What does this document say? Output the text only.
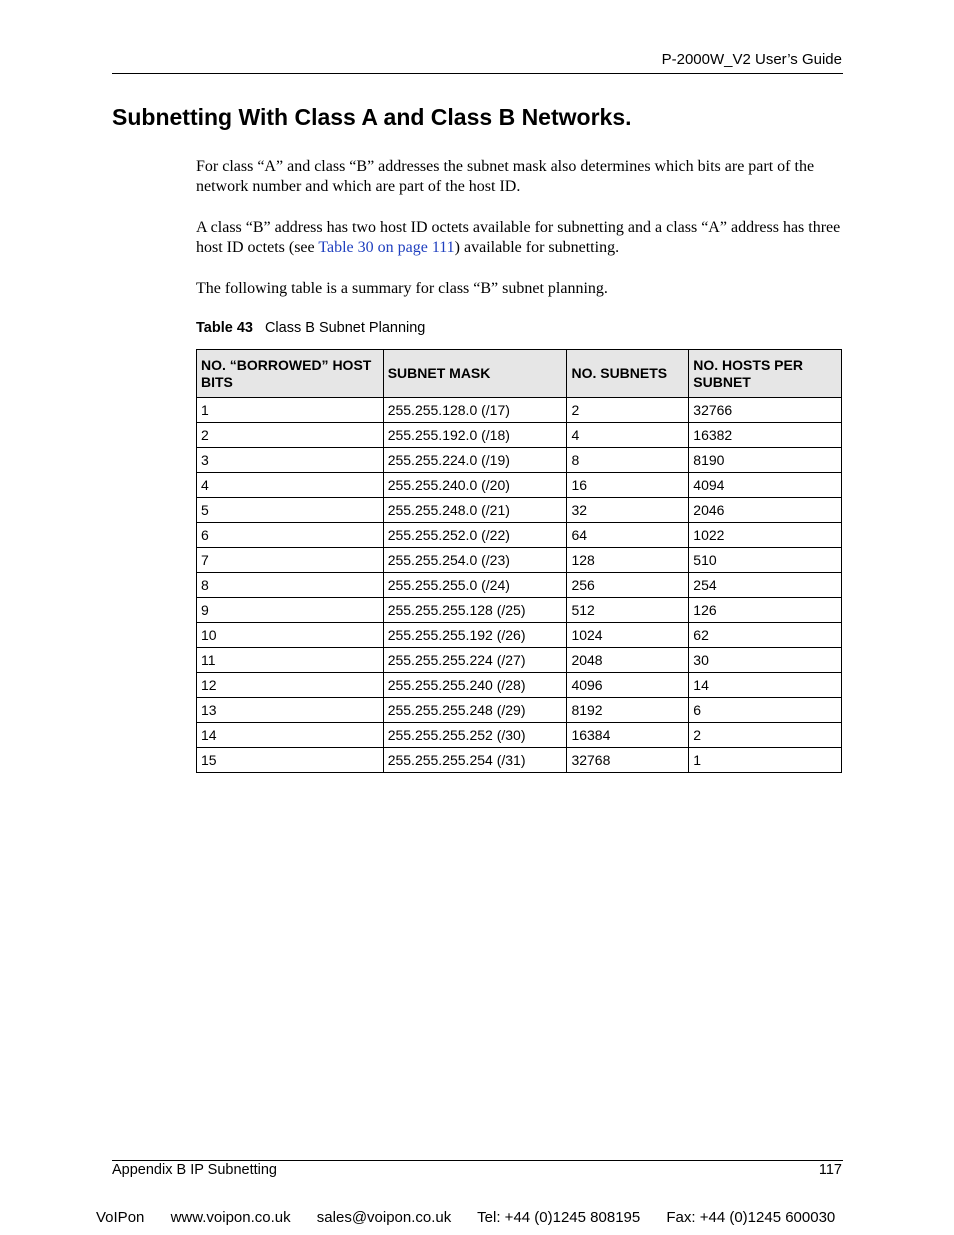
P-2000W_V2 User’s Guide
Subnetting With Class A and Class B Networks.

For class “A” and class “B” addresses the subnet mask also determines which bits are part of the network number and which are part of the host ID.

A class “B” address has two host ID octets available for subnetting and a class “A” address has three host ID octets (see Table 30 on page 111) available for subnetting.

The following table is a summary for class “B” subnet planning.

Table 43 Class B Subnet Planning
NO. “BORROWED” HOST BITS	SUBNET MASK	NO. SUBNETS	NO. HOSTS PER SUBNET
1	255.255.128.0 (/17)	2	32766
2	255.255.192.0 (/18)	4	16382
3	255.255.224.0 (/19)	8	8190
4	255.255.240.0 (/20)	16	4094
5	255.255.248.0 (/21)	32	2046
6	255.255.252.0 (/22)	64	1022
7	255.255.254.0 (/23)	128	510
8	255.255.255.0 (/24)	256	254
9	255.255.255.128 (/25)	512	126
10	255.255.255.192 (/26)	1024	62
11	255.255.255.224 (/27)	2048	30
12	255.255.255.240 (/28)	4096	14
13	255.255.255.248 (/29)	8192	6
14	255.255.255.252 (/30)	16384	2
15	255.255.255.254 (/31)	32768	1
Appendix B IP Subnetting	117
VoIPon www.voipon.co.uk sales@voipon.co.uk Tel: +44 (0)1245 808195 Fax: +44 (0)1245 600030
